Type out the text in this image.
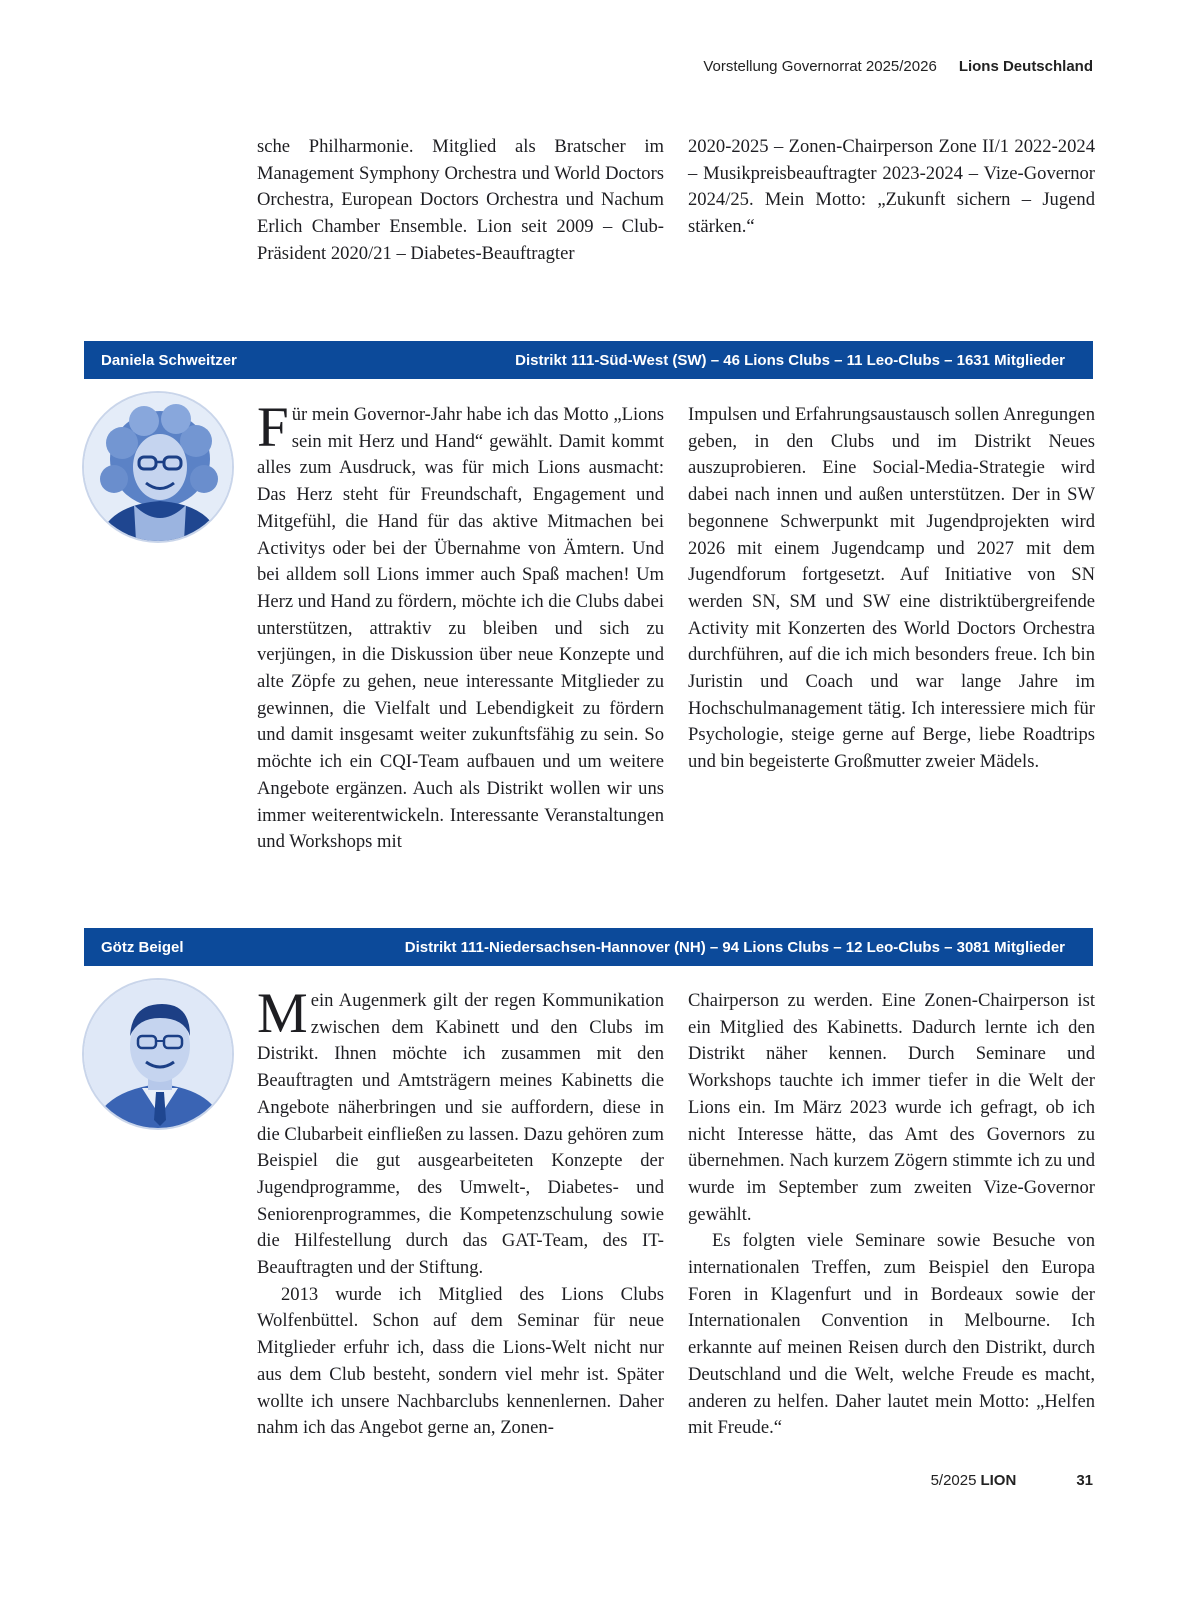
Vorstellung Governorrat 2025/2026 Lions Deutschland

sche Philharmonie. Mitglied als Bratscher im Management Symphony Orchestra und World Doctors Orchestra, European Doctors Orchestra und Nachum Erlich Chamber Ensemble. Lion seit 2009 – Club-Präsident 2020/21 – Diabetes-Beauftragter

2020-2025 – Zonen-Chairperson Zone II/1 2022-2024 – Musikpreisbeauftragter 2023-2024 – Vize-Governor 2024/25. Mein Motto: „Zukunft sichern – Jugend stärken.“

Daniela Schweitzer	Distrikt 111-Süd-West (SW) – 46 Lions Clubs – 11 Leo-Clubs – 1631 Mitglieder

Für mein Governor-Jahr habe ich das Motto „Lions sein mit Herz und Hand“ gewählt. Damit kommt alles zum Ausdruck, was für mich Lions ausmacht: Das Herz steht für Freundschaft, Engagement und Mitgefühl, die Hand für das aktive Mitmachen bei Activitys oder bei der Übernahme von Ämtern. Und bei alldem soll Lions immer auch Spaß machen! Um Herz und Hand zu fördern, möchte ich die Clubs dabei unterstützen, attraktiv zu bleiben und sich zu verjüngen, in die Diskussion über neue Konzepte und alte Zöpfe zu gehen, neue interessante Mitglieder zu gewinnen, die Vielfalt und Lebendigkeit zu fördern und damit insgesamt weiter zukunftsfähig zu sein. So möchte ich ein CQI-Team aufbauen und um weitere Angebote ergänzen. Auch als Distrikt wollen wir uns immer weiterentwickeln. Interessante Veranstaltungen und Workshops mit

Impulsen und Erfahrungsaustausch sollen Anregungen geben, in den Clubs und im Distrikt Neues auszuprobieren. Eine Social-Media-Strategie wird dabei nach innen und außen unterstützen. Der in SW begonnene Schwerpunkt mit Jugendprojekten wird 2026 mit einem Jugendcamp und 2027 mit dem Jugendforum fortgesetzt. Auf Initiative von SN werden SN, SM und SW eine distriktübergreifende Activity mit Konzerten des World Doctors Orchestra durchführen, auf die ich mich besonders freue. Ich bin Juristin und Coach und war lange Jahre im Hochschulmanagement tätig. Ich interessiere mich für Psychologie, steige gerne auf Berge, liebe Roadtrips und bin begeisterte Großmutter zweier Mädels.

Götz Beigel	Distrikt 111-Niedersachsen-Hannover (NH) – 94 Lions Clubs – 12 Leo-Clubs – 3081 Mitglieder

Mein Augenmerk gilt der regen Kommunikation zwischen dem Kabinett und den Clubs im Distrikt. Ihnen möchte ich zusammen mit den Beauftragten und Amtsträgern meines Kabinetts die Angebote näherbringen und sie auffordern, diese in die Clubarbeit einfließen zu lassen. Dazu gehören zum Beispiel die gut ausgearbeiteten Konzepte der Jugendprogramme, des Umwelt-, Diabetes- und Seniorenprogrammes, die Kompetenzschulung sowie die Hilfestellung durch das GAT-Team, des IT-Beauftragten und der Stiftung.

2013 wurde ich Mitglied des Lions Clubs Wolfenbüttel. Schon auf dem Seminar für neue Mitglieder erfuhr ich, dass die Lions-Welt nicht nur aus dem Club besteht, sondern viel mehr ist. Später wollte ich unsere Nachbarclubs kennenlernen. Daher nahm ich das Angebot gerne an, Zonen-

Chairperson zu werden. Eine Zonen-Chairperson ist ein Mitglied des Kabinetts. Dadurch lernte ich den Distrikt näher kennen. Durch Seminare und Workshops tauchte ich immer tiefer in die Welt der Lions ein. Im März 2023 wurde ich gefragt, ob ich nicht Interesse hätte, das Amt des Governors zu übernehmen. Nach kurzem Zögern stimmte ich zu und wurde im September zum zweiten Vize-Governor gewählt.

Es folgten viele Seminare sowie Besuche von internationalen Treffen, zum Beispiel den Europa Foren in Klagenfurt und in Bordeaux sowie der Internationalen Convention in Melbourne. Ich erkannte auf meinen Reisen durch den Distrikt, durch Deutschland und die Welt, welche Freude es macht, anderen zu helfen. Daher lautet mein Motto: „Helfen mit Freude.“

5/2025 LION	31
